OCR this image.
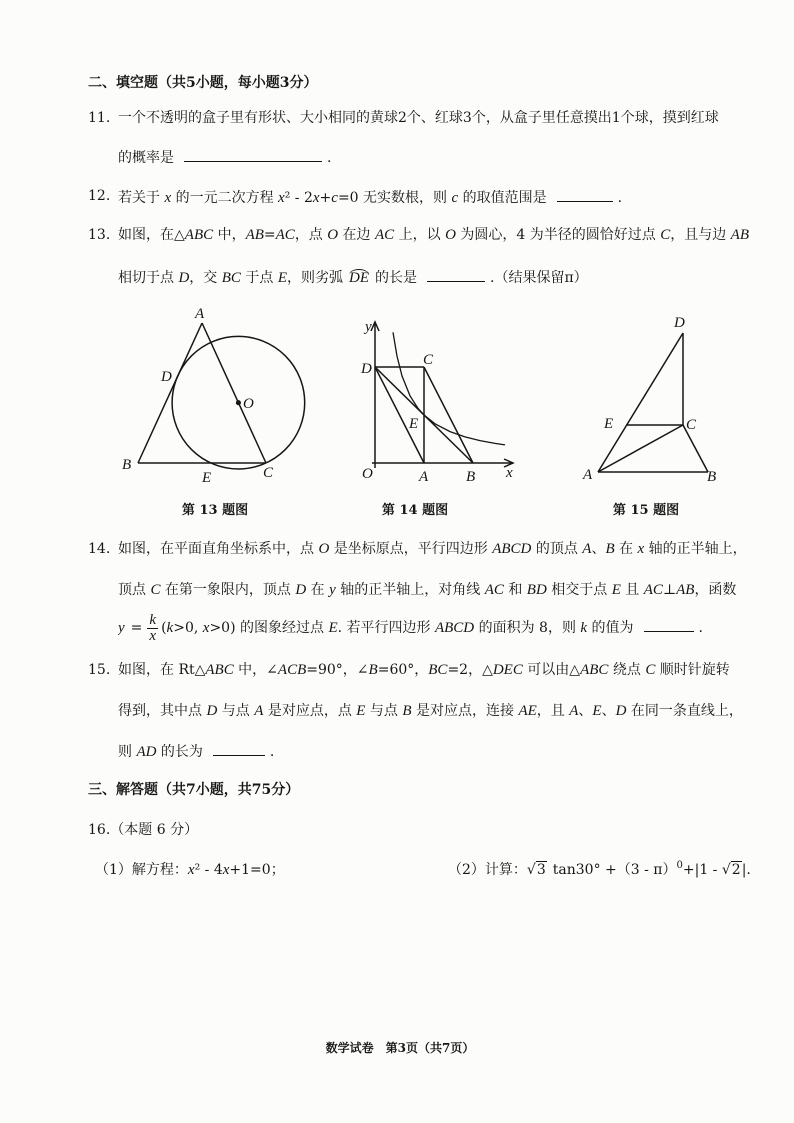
二、填空题（共5小题，每小题3分）
11. 一个不透明的盒子里有形状、大小相同的黄球2个、红球3个，从盒子里任意摸出1个球，摸到红球
的概率是	.
12. 若关于 x 的一元二次方程 x² - 2x+c=0 无实数根，则 c 的取值范围是	.
13. 如图，在△ABC 中，AB=AC，点 O 在边 AC 上，以 O 为圆心，4 为半径的圆恰好过点 C，且与边 AB
相切于点 D，交 BC 于点 E，则劣弧 DE 的长是	.（结果保留π）
A
D
O
B
E	C
y
x
O
D
C
E
A	B
D
E	C
A	B
第 13 题图	第 14 题图	第 15 题图
14. 如图，在平面直角坐标系中，点 O 是坐标原点，平行四边形 ABCD 的顶点 A、B 在 x 轴的正半轴上，
顶点 C 在第一象限内，顶点 D 在 y 轴的正半轴上，对角线 AC 和 BD 相交于点 E 且 AC⊥AB，函数
$y = \frac{k}{x} (k>0$, x>0) 的图象经过点 E. 若平行四边形 ABCD 的面积为 8，则 k 的值为	.
15. 如图，在 Rt△ABC 中，∠ACB=90°，∠B=60°，BC=2，△DEC 可以由△ABC 绕点 C 顺时针旋转
得到，其中点 D 与点 A 是对应点，点 E 与点 B 是对应点，连接 AE，且 A、E、D 在同一条直线上，
则 AD 的长为	.
三、解答题（共7小题，共75分）
16.（本题 6 分）
（1）解方程：x² - 4x+1=0；	（2）计算：√3 tan30° +（3 - π）$^0$+|1 - √2|.
数学试卷　第3页（共7页）
